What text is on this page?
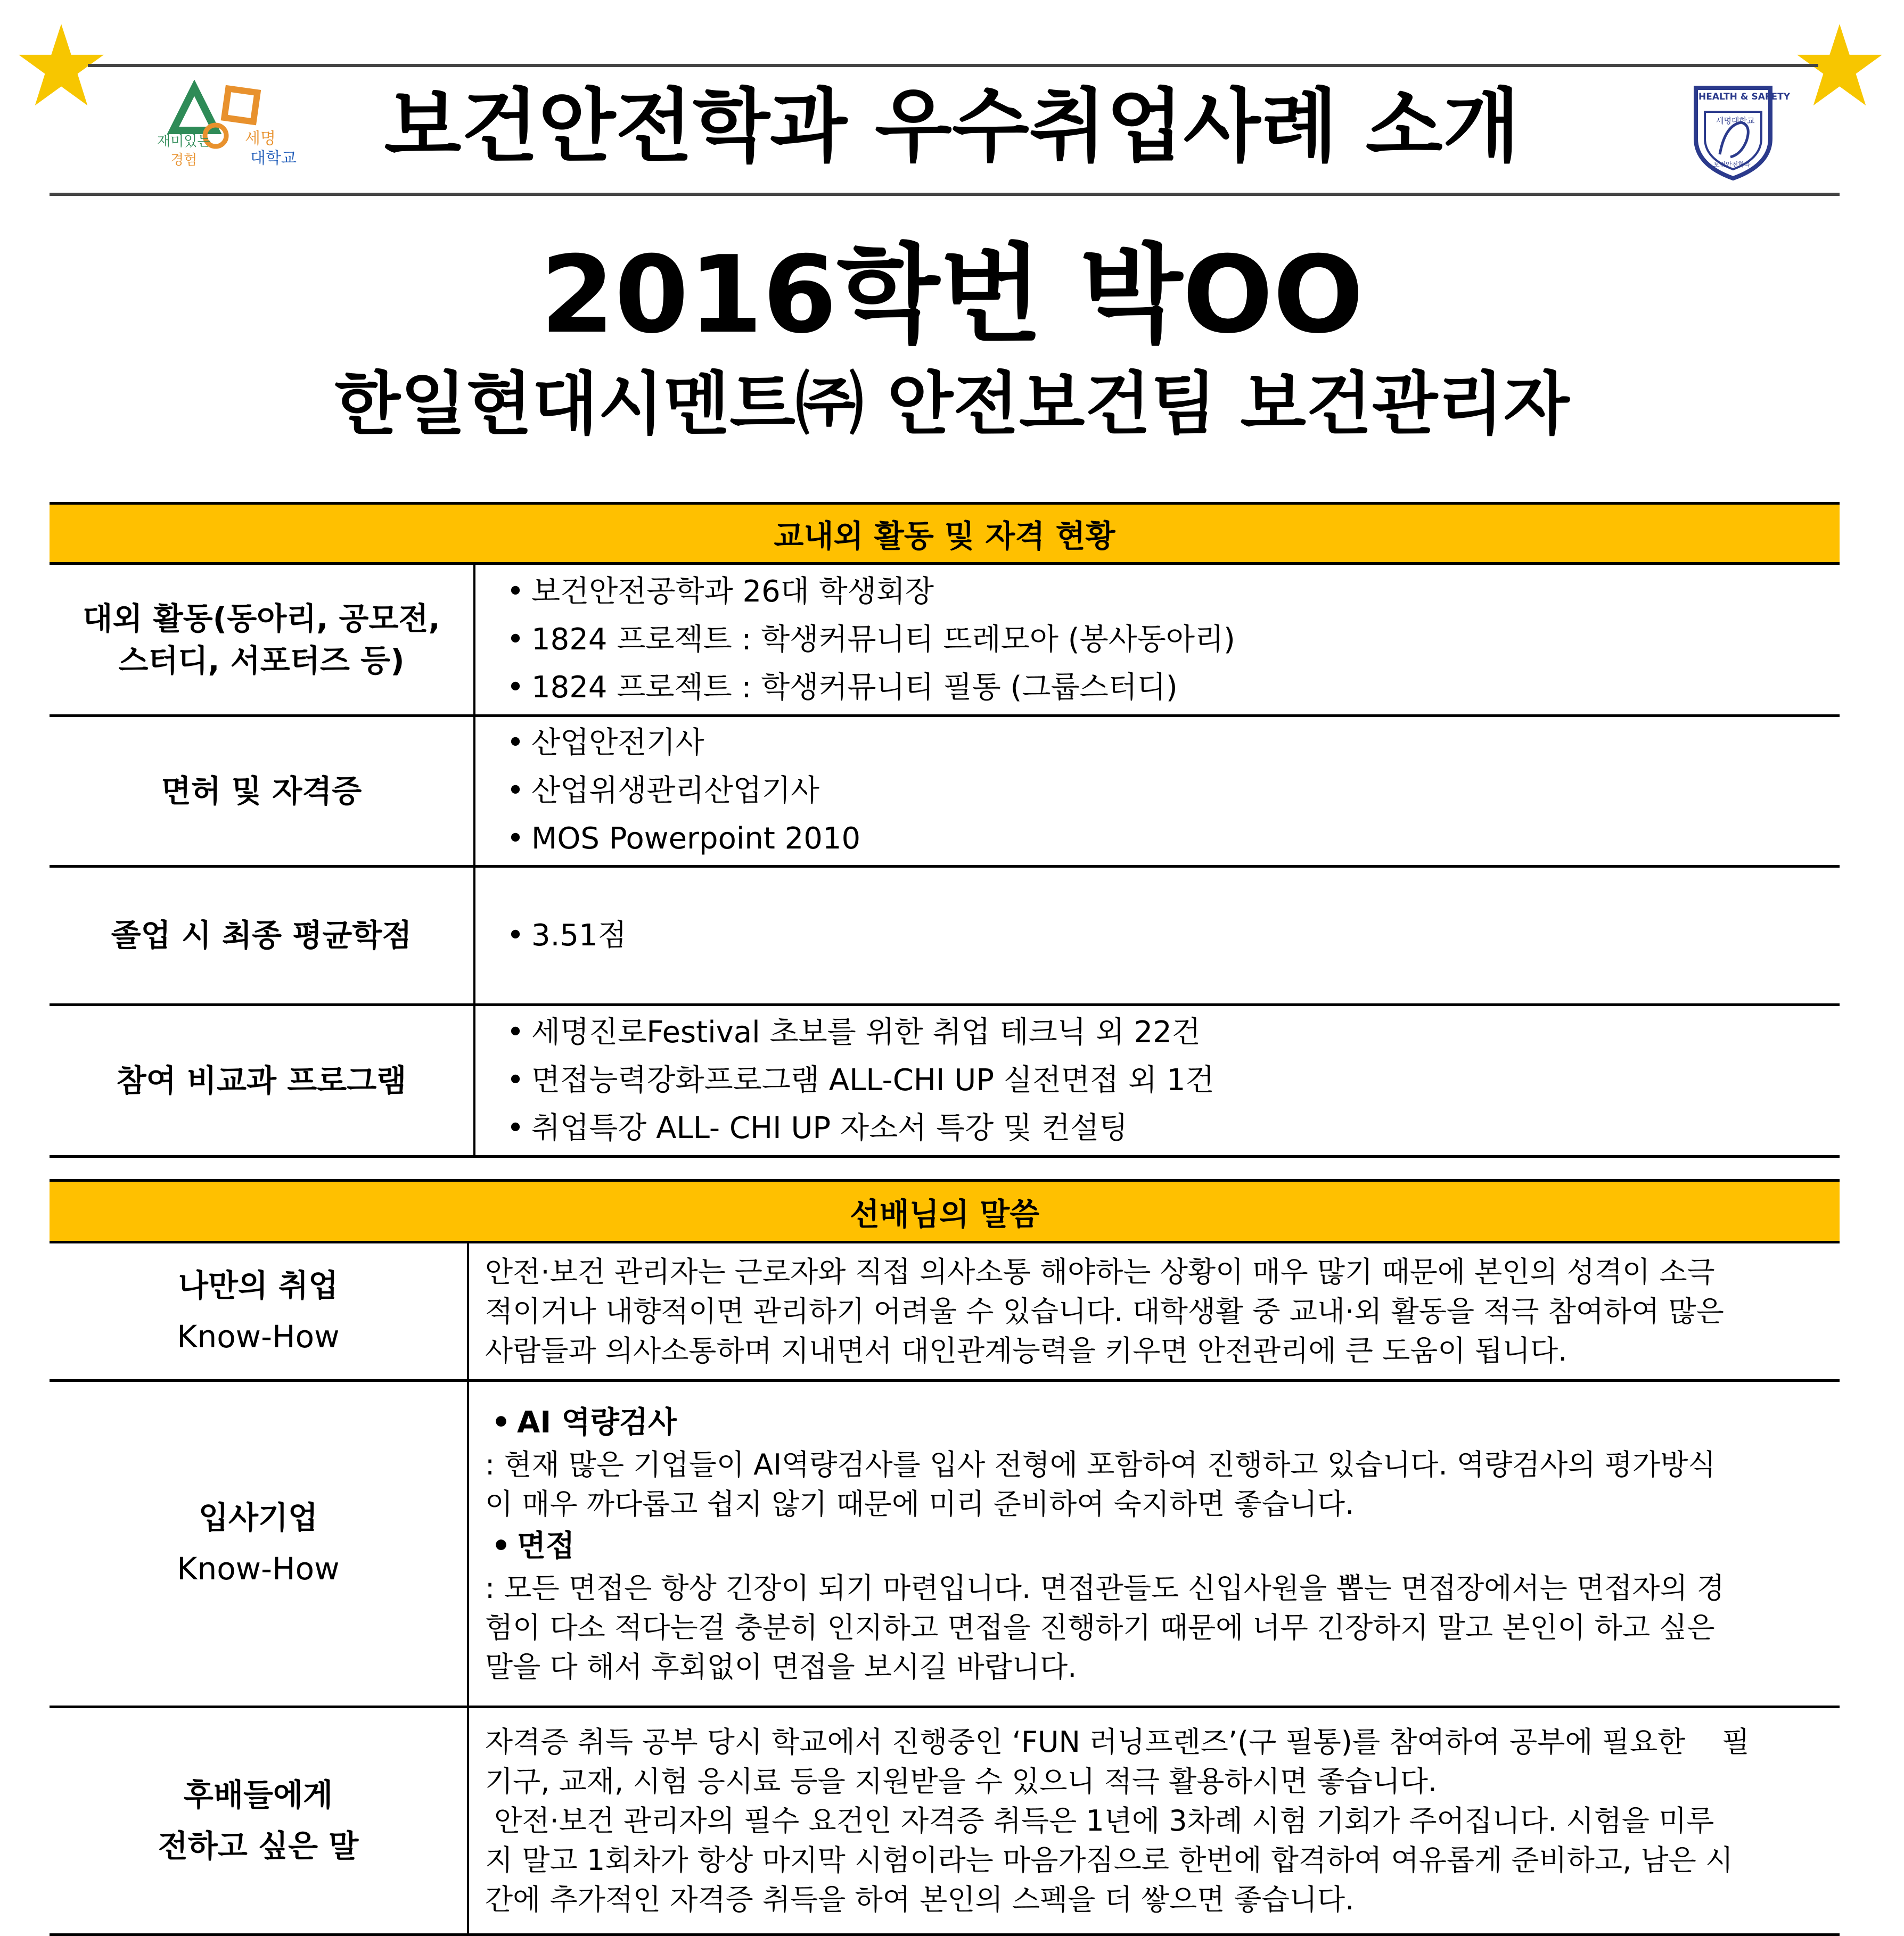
재미있는
경험
세명
대학교
HEALTH & SAFETY
세명대학교
보건안전학과
보건안전학과 우수취업사례 소개
2016학번 박OO
한일현대시멘트㈜ 안전보건팀 보건관리자
교내외 활동 및 자격 현황
대외 활동(동아리, 공모전,
스터디, 서포터즈 등)
• 보건안전공학과 26대 학생회장
• 1824 프로젝트 : 학생커뮤니티 뜨레모아 (봉사동아리)
• 1824 프로젝트 : 학생커뮤니티 필통 (그룹스터디)
면허 및 자격증
• 산업안전기사
• 산업위생관리산업기사
• MOS Powerpoint 2010
졸업 시 최종 평균학점	• 3.51점
참여 비교과 프로그램
• 세명진로Festival 초보를 위한 취업 테크닉 외 22건
• 면접능력강화프로그램 ALL-CHI UP 실전면접 외 1건
• 취업특강 ALL- CHI UP 자소서 특강 및 컨설팅
선배님의 말씀
나만의 취업
Know-How
안전·보건 관리자는 근로자와 직접 의사소통 해야하는 상황이 매우 많기 때문에 본인의 성격이 소극
적이거나 내향적이면 관리하기 어려울 수 있습니다. 대학생활 중 교내·외 활동을 적극 참여하여 많은
사람들과 의사소통하며 지내면서 대인관계능력을 키우면 안전관리에 큰 도움이 됩니다.
입사기업
Know-How
• AI 역량검사
: 현재 많은 기업들이 AI역량검사를 입사 전형에 포함하여 진행하고 있습니다. 역량검사의 평가방식
이 매우 까다롭고 쉽지 않기 때문에 미리 준비하여 숙지하면 좋습니다.
• 면접
: 모든 면접은 항상 긴장이 되기 마련입니다. 면접관들도 신입사원을 뽑는 면접장에서는 면접자의 경
험이 다소 적다는걸 충분히 인지하고 면접을 진행하기 때문에 너무 긴장하지 말고 본인이 하고 싶은
말을 다 해서 후회없이 면접을 보시길 바랍니다.
후배들에게
전하고 싶은 말
자격증 취득 공부 당시 학교에서 진행중인 ‘FUN 러닝프렌즈’(구 필통)를 참여하여 공부에 필요한    필
기구, 교재, 시험 응시료 등을 지원받을 수 있으니 적극 활용하시면 좋습니다.
안전·보건 관리자의 필수 요건인 자격증 취득은 1년에 3차례 시험 기회가 주어집니다. 시험을 미루
지 말고 1회차가 항상 마지막 시험이라는 마음가짐으로 한번에 합격하여 여유롭게 준비하고, 남은 시
간에 추가적인 자격증 취득을 하여 본인의 스펙을 더 쌓으면 좋습니다.
